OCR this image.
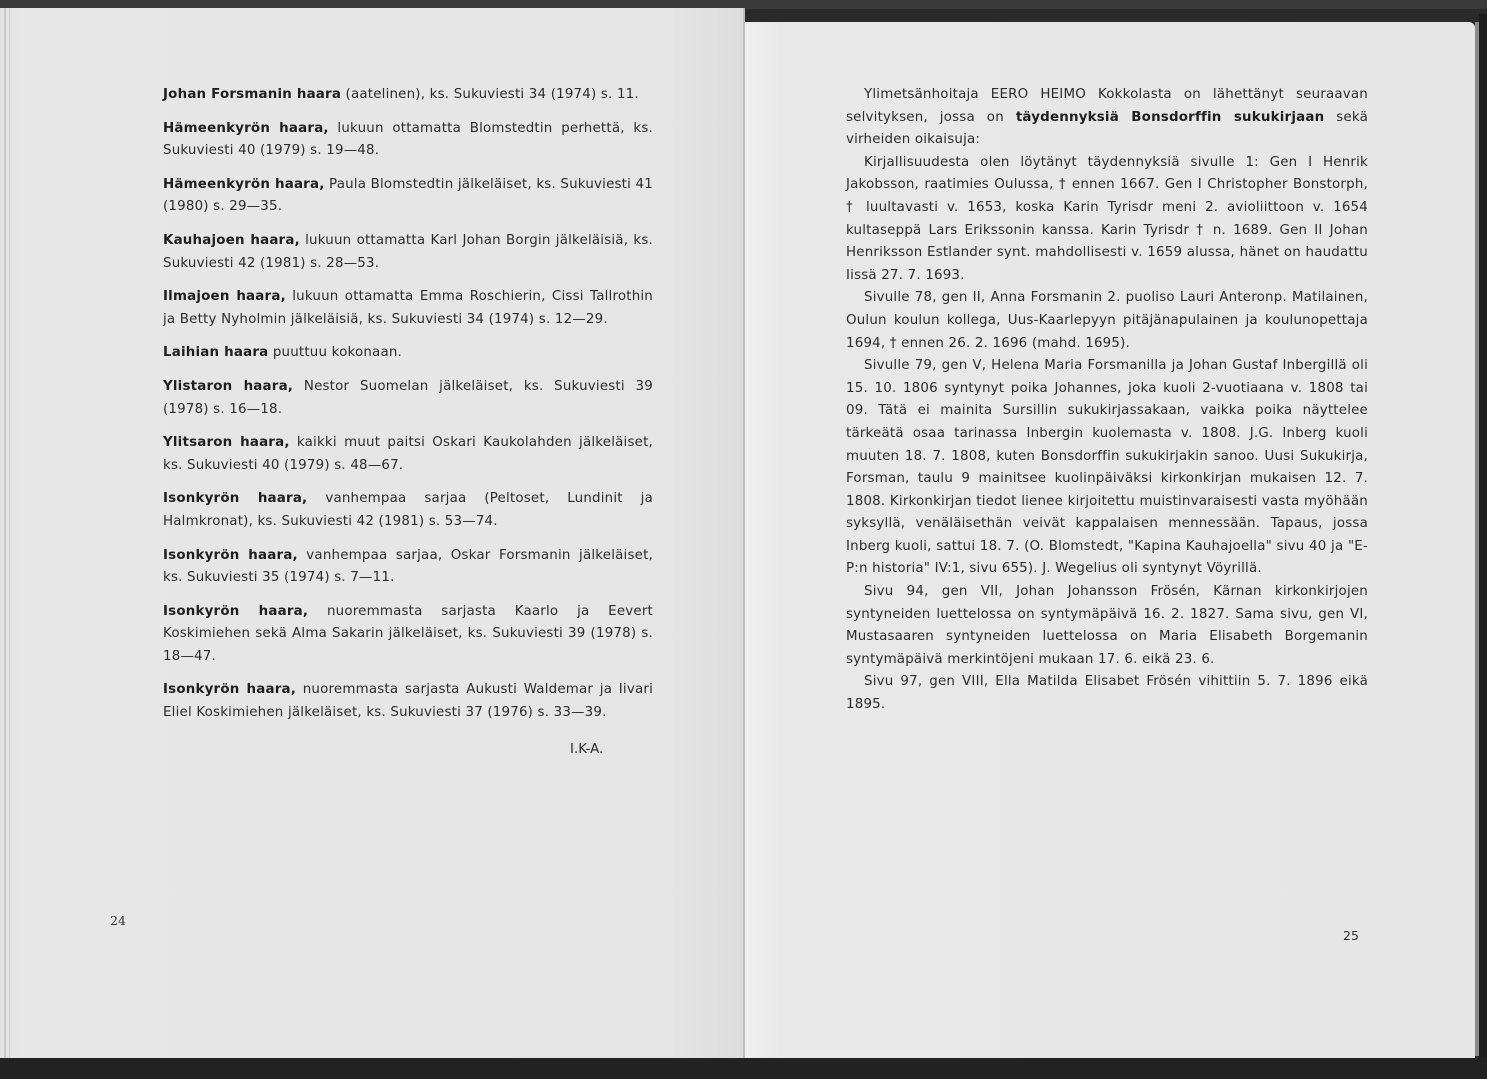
Johan Forsmanin haara (aatelinen), ks. Sukuviesti 34 (1974) s. 11.

Hämeenkyrön haara, lukuun ottamatta Blomstedtin perhettä, ks. Sukuviesti 40 (1979) s. 19—48.

Hämeenkyrön haara, Paula Blomstedtin jälkeläiset, ks. Sukuviesti 41 (1980) s. 29—35.

Kauhajoen haara, lukuun ottamatta Karl Johan Borgin jälkeläisiä, ks. Sukuviesti 42 (1981) s. 28—53.

Ilmajoen haara, lukuun ottamatta Emma Roschierin, Cissi Tallrothin ja Betty Nyholmin jälkeläisiä, ks. Sukuviesti 34 (1974) s. 12—29.

Laihian haara puuttuu kokonaan.

Ylistaron haara, Nestor Suomelan jälkeläiset, ks. Sukuviesti 39 (1978) s. 16—18.

Ylitsaron haara, kaikki muut paitsi Oskari Kaukolahden jälkeläiset, ks. Sukuviesti 40 (1979) s. 48—67.

Isonkyrön haara, vanhempaa sarjaa (Peltoset, Lundinit ja Halmkronat), ks. Sukuviesti 42 (1981) s. 53—74.

Isonkyrön haara, vanhempaa sarjaa, Oskar Forsmanin jälkeläiset, ks. Sukuviesti 35 (1974) s. 7—11.

Isonkyrön haara, nuoremmasta sarjasta Kaarlo ja Eevert Koskimiehen sekä Alma Sakarin jälkeläiset, ks. Sukuviesti 39 (1978) s. 18—47.

Isonkyrön haara, nuoremmasta sarjasta Aukusti Waldemar ja Iivari Eliel Koskimiehen jälkeläiset, ks. Sukuviesti 37 (1976) s. 33—39.

I.K-A.
24

Ylimetsänhoitaja EERO HEIMO Kokkolasta on lähettänyt seuraavan selvityksen, jossa on täydennyksiä Bonsdorffin sukukirjaan sekä virheiden oikaisuja:

Kirjallisuudesta olen löytänyt täydennyksiä sivulle 1: Gen I Henrik Jakobsson, raatimies Oulussa, † ennen 1667. Gen I Christopher Bonstorph, † luultavasti v. 1653, koska Karin Tyrisdr meni 2. avioliittoon v. 1654 kultaseppä Lars Erikssonin kanssa. Karin Tyrisdr † n. 1689. Gen II Johan Henriksson Estlander synt. mahdollisesti v. 1659 alussa, hänet on haudattu Iissä 27. 7. 1693.

Sivulle 78, gen II, Anna Forsmanin 2. puoliso Lauri Anteronp. Matilainen, Oulun koulun kollega, Uus-Kaarlepyyn pitäjänapulainen ja koulunopettaja 1694, † ennen 26. 2. 1696 (mahd. 1695).

Sivulle 79, gen V, Helena Maria Forsmanilla ja Johan Gustaf Inbergillä oli 15. 10. 1806 syntynyt poika Johannes, joka kuoli 2-vuotiaana v. 1808 tai 09. Tätä ei mainita Sursillin sukukirjassakaan, vaikka poika näyttelee tärkeätä osaa tarinassa Inbergin kuolemasta v. 1808. J.G. Inberg kuoli muuten 18. 7. 1808, kuten Bonsdorffin sukukirjakin sanoo. Uusi Sukukirja, Forsman, taulu 9 mainitsee kuolinpäiväksi kirkonkirjan mukaisen 12. 7. 1808. Kirkonkirjan tiedot lienee kirjoitettu muistinvaraisesti vasta myöhään syksyllä, venäläisethän veivät kappalaisen mennessään. Tapaus, jossa Inberg kuoli, sattui 18. 7. (O. Blomstedt, "Kapina Kauhajoella" sivu 40 ja "E-P:n historia" IV:1, sivu 655). J. Wegelius oli syntynyt Vöyrillä.

Sivu 94, gen VII, Johan Johansson Frösén, Kärnan kirkonkirjojen syntyneiden luettelossa on syntymäpäivä 16. 2. 1827. Sama sivu, gen VI, Mustasaaren syntyneiden luettelossa on Maria Elisabeth Borgemanin syntymäpäivä merkintöjeni mukaan 17. 6. eikä 23. 6.

Sivu 97, gen VIII, Ella Matilda Elisabet Frösén vihittiin 5. 7. 1896 eikä 1895.

25
